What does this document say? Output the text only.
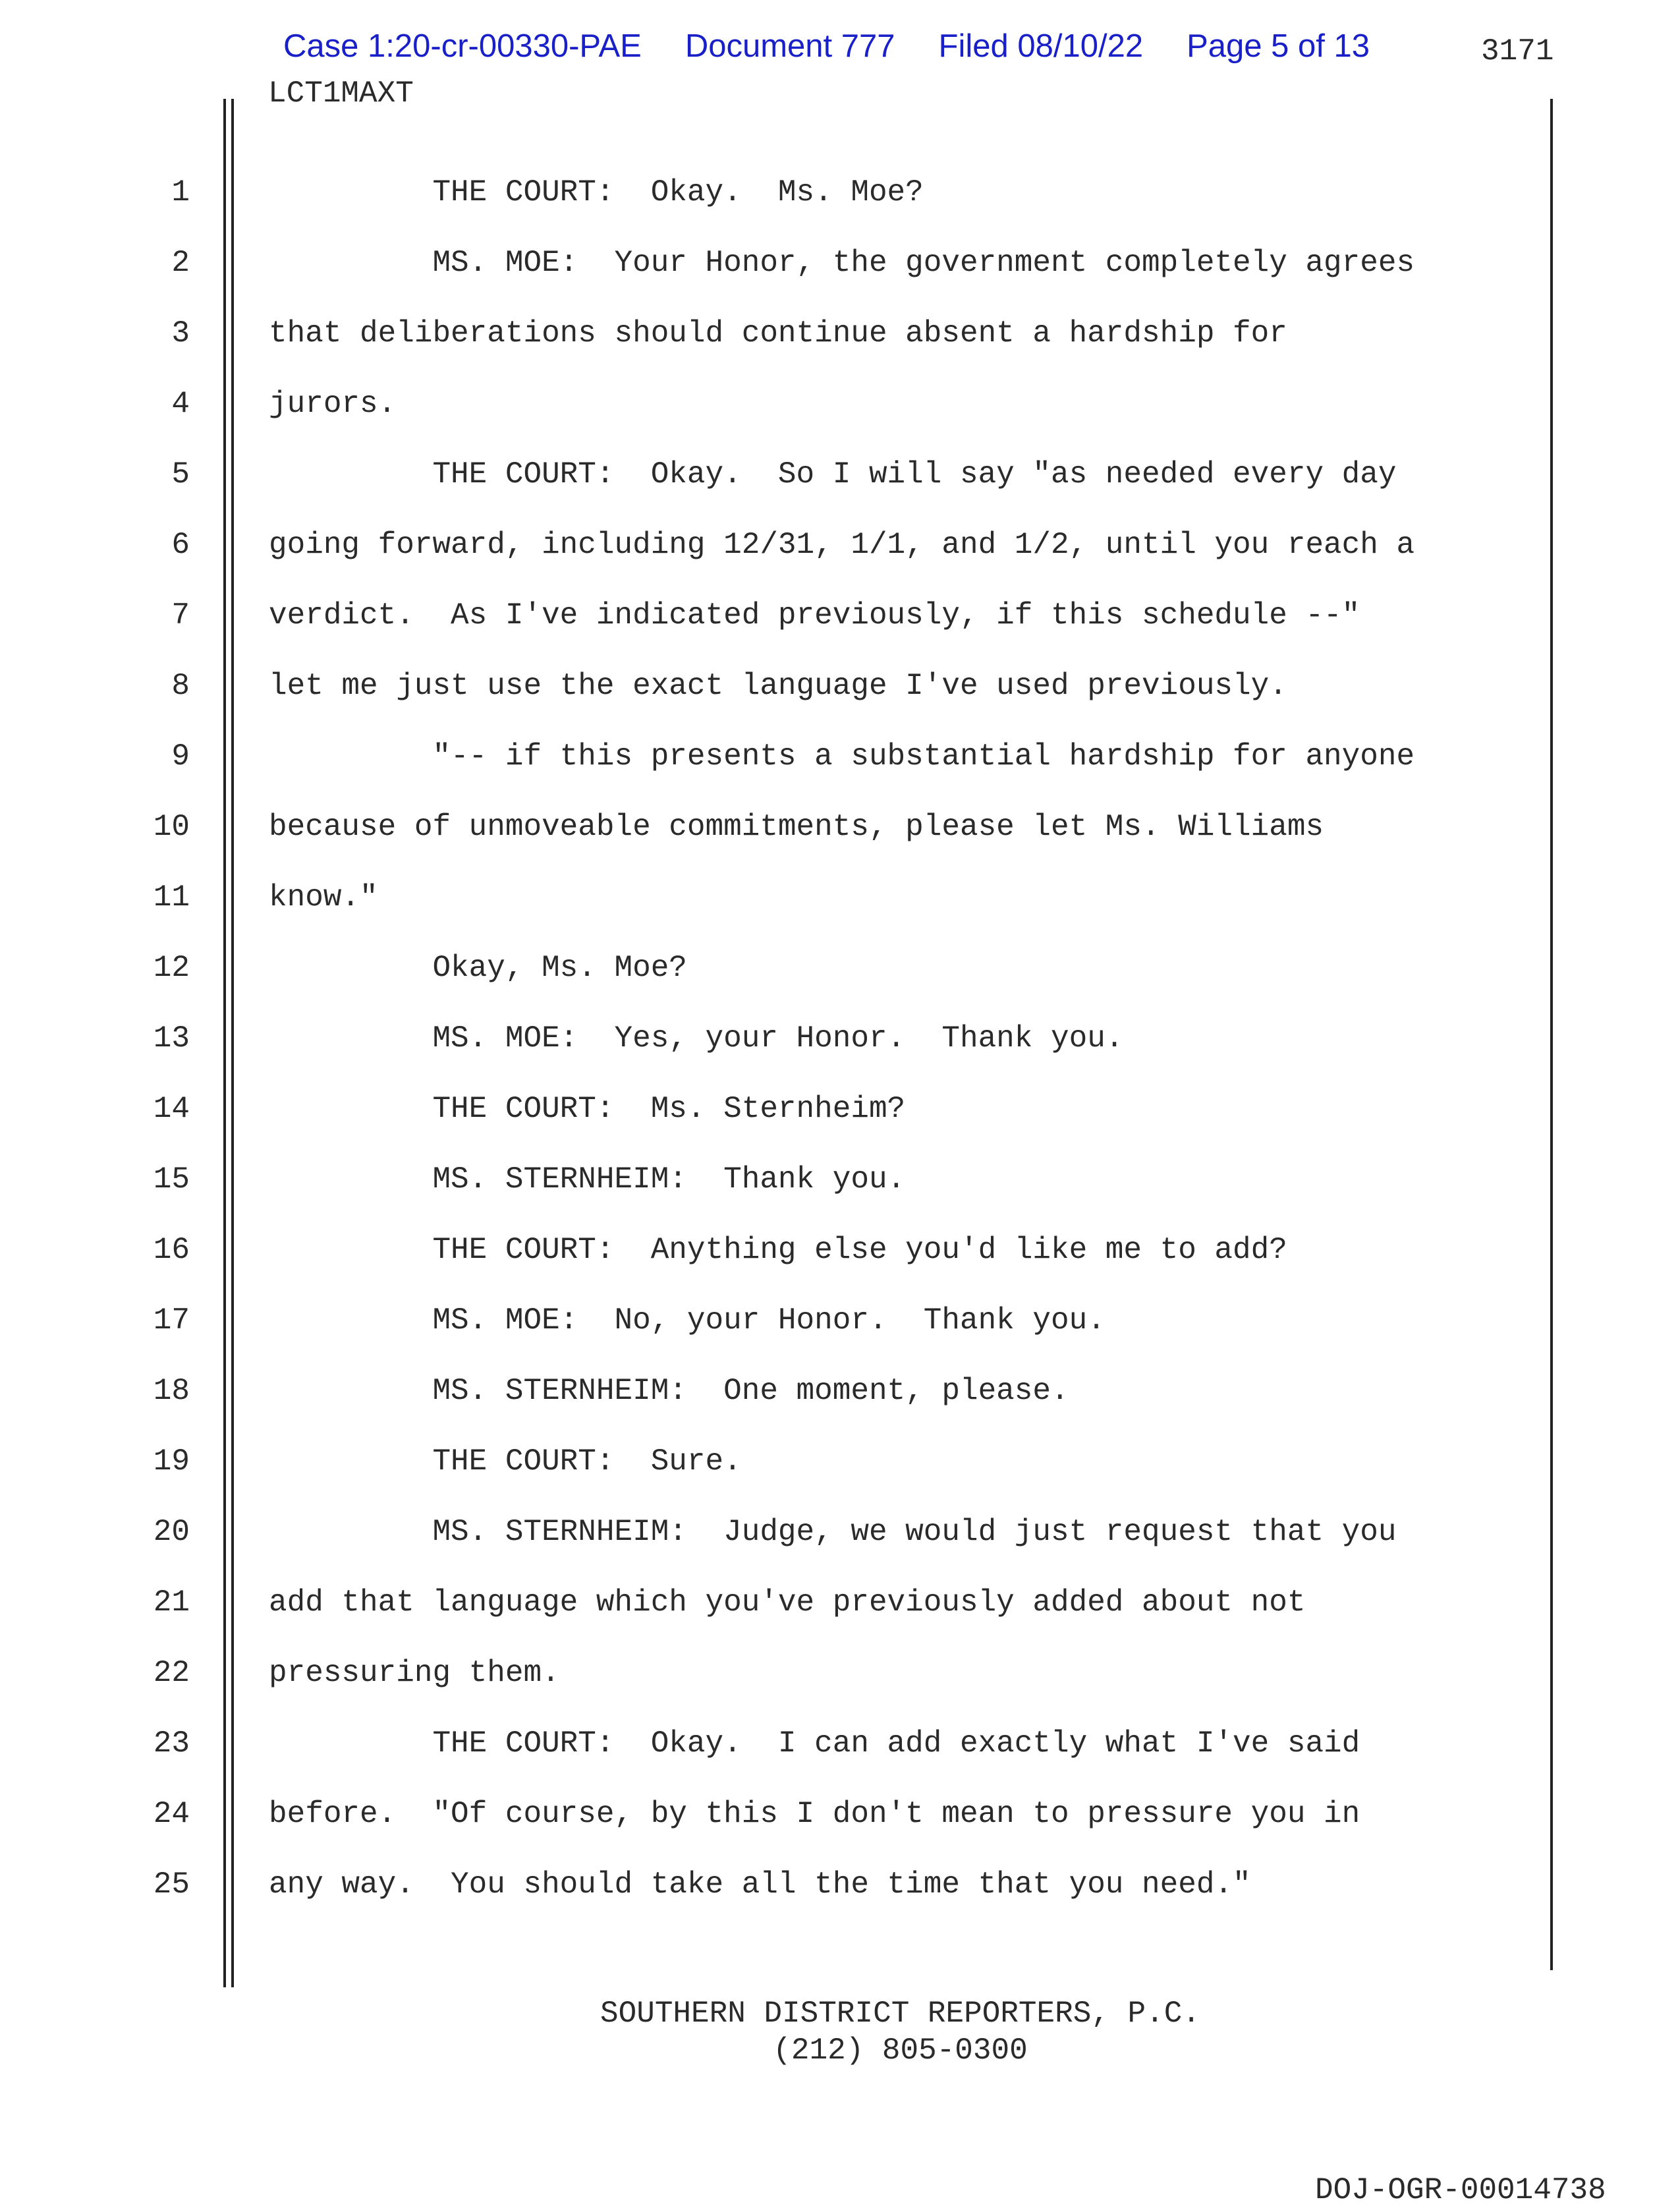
Case 1:20-cr-00330-PAE Document 777 Filed 08/10/22 Page 5 of 13	3171
LCT1MAXT
1	THE COURT:  Okay.  Ms. Moe?
2	MS. MOE:  Your Honor, the government completely agrees
3	that deliberations should continue absent a hardship for
4	jurors.
5	THE COURT:  Okay.  So I will say "as needed every day
6	going forward, including 12/31, 1/1, and 1/2, until you reach a
7	verdict.  As I've indicated previously, if this schedule --"
8	let me just use the exact language I've used previously.
9	"-- if this presents a substantial hardship for anyone
10	because of unmoveable commitments, please let Ms. Williams
11	know."
12	Okay, Ms. Moe?
13	MS. MOE:  Yes, your Honor.  Thank you.
14	THE COURT:  Ms. Sternheim?
15	MS. STERNHEIM:  Thank you.
16	THE COURT:  Anything else you'd like me to add?
17	MS. MOE:  No, your Honor.  Thank you.
18	MS. STERNHEIM:  One moment, please.
19	THE COURT:  Sure.
20	MS. STERNHEIM:  Judge, we would just request that you
21	add that language which you've previously added about not
22	pressuring them.
23	THE COURT:  Okay.  I can add exactly what I've said
24	before.  "Of course, by this I don't mean to pressure you in
25	any way.  You should take all the time that you need."
SOUTHERN DISTRICT REPORTERS, P.C.
(212) 805-0300
DOJ-OGR-00014738
